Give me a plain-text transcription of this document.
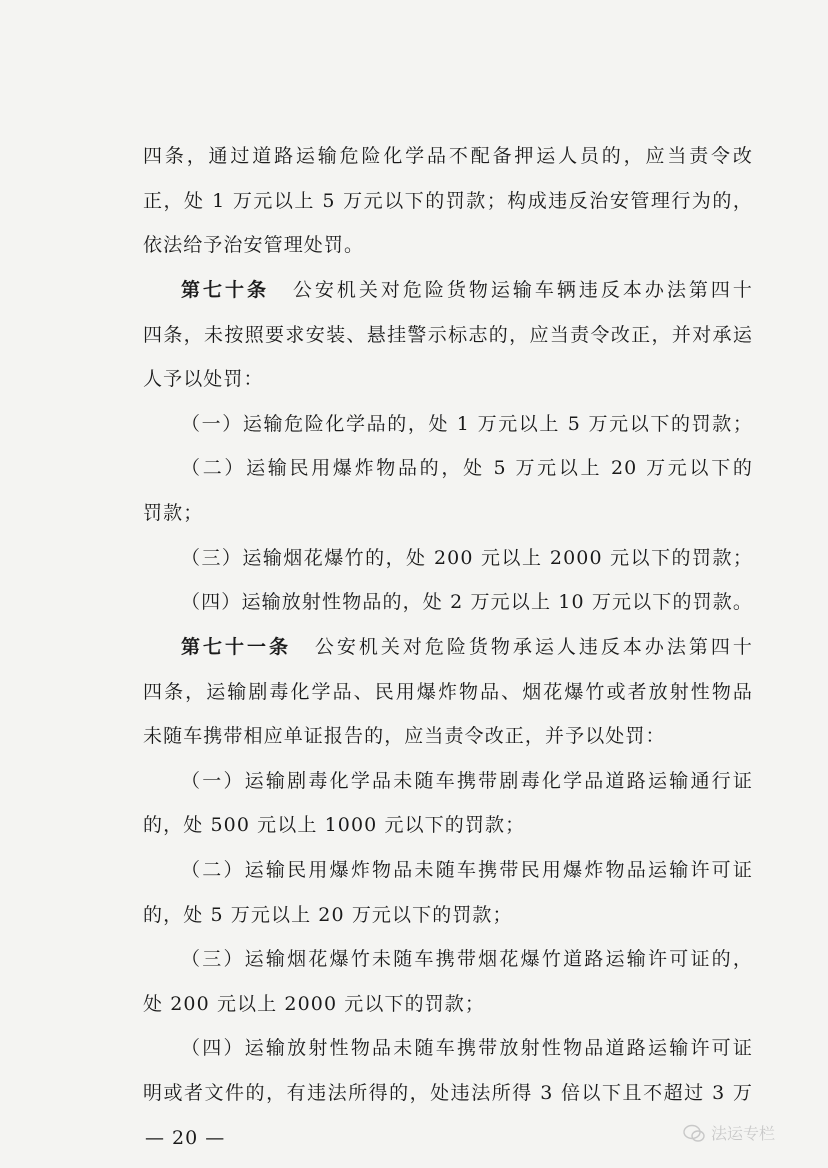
四条，通过道路运输危险化学品不配备押运人员的，应当责令改
正，处 1 万元以上 5 万元以下的罚款；构成违反治安管理行为的，
依法给予治安管理处罚。
第七十条 公安机关对危险货物运输车辆违反本办法第四十
四条，未按照要求安装、悬挂警示标志的，应当责令改正，并对承运
人予以处罚：
（一）运输危险化学品的，处 1 万元以上 5 万元以下的罚款；
（二）运输民用爆炸物品的，处 5 万元以上 20 万元以下的
罚款；
（三）运输烟花爆竹的，处 200 元以上 2000 元以下的罚款；
（四）运输放射性物品的，处 2 万元以上 10 万元以下的罚款。
第七十一条 公安机关对危险货物承运人违反本办法第四十
四条，运输剧毒化学品、民用爆炸物品、烟花爆竹或者放射性物品
未随车携带相应单证报告的，应当责令改正，并予以处罚：
（一）运输剧毒化学品未随车携带剧毒化学品道路运输通行证
的，处 500 元以上 1000 元以下的罚款；
（二）运输民用爆炸物品未随车携带民用爆炸物品运输许可证
的，处 5 万元以上 20 万元以下的罚款；
（三）运输烟花爆竹未随车携带烟花爆竹道路运输许可证的，
处 200 元以上 2000 元以下的罚款；
（四）运输放射性物品未随车携带放射性物品道路运输许可证
明或者文件的，有违法所得的，处违法所得 3 倍以下且不超过 3 万
— 20 —	法运专栏
